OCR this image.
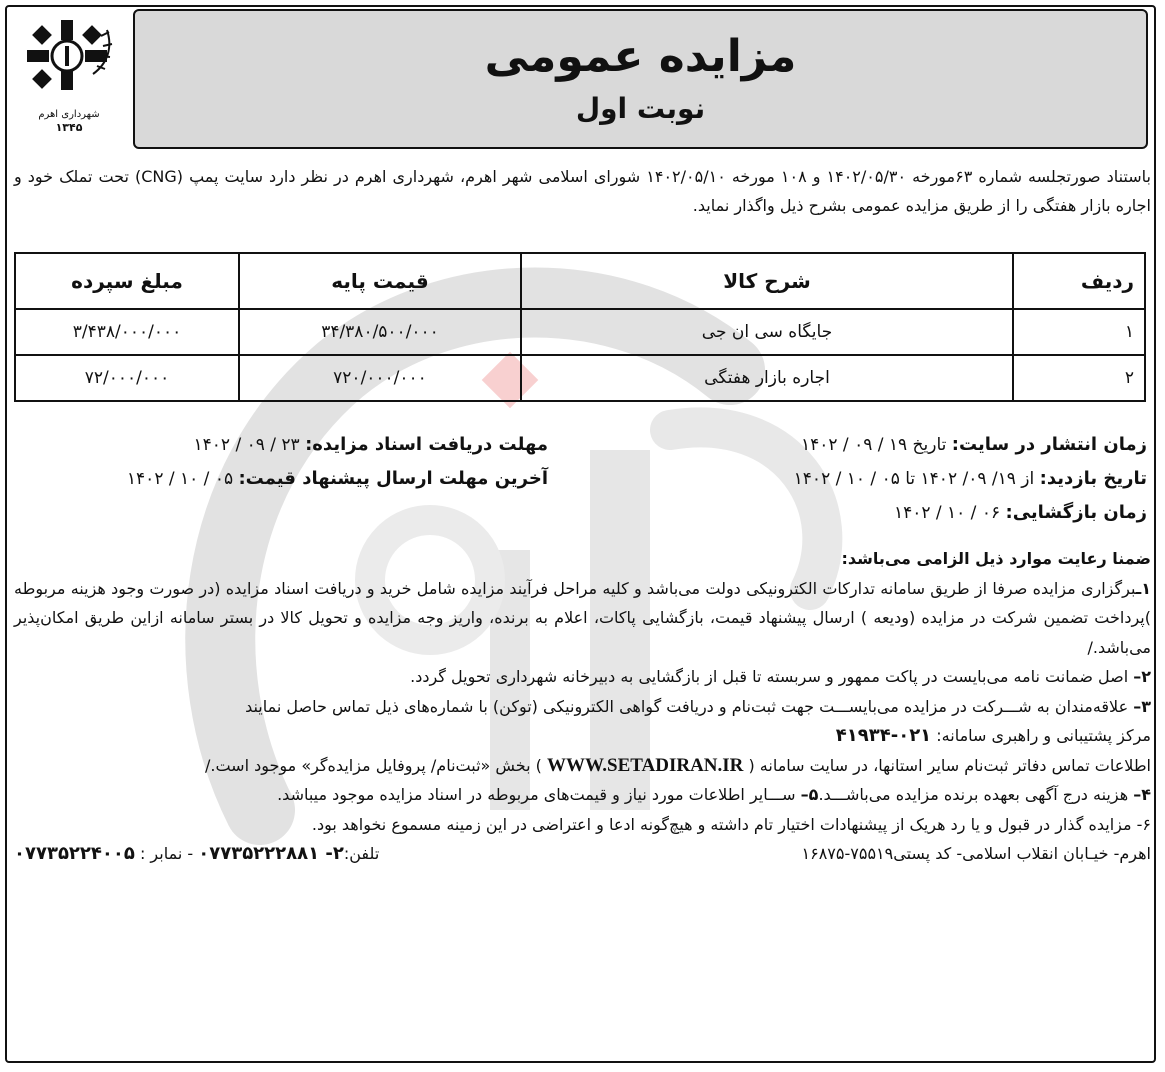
شهرداری اهرم
۱۳۴۵
مزایده عمومی
نوبت اول
باستناد صورتجلسه شماره ۶۳مورخه ۱۴۰۲/۰۵/۳۰ و ۱۰۸ مورخه ۱۴۰۲/۰۵/۱۰ شورای اسلامی شهر اهرم، شهرداری اهرم در نظر دارد سایت پمپ (CNG) تحت تملک خود و اجاره بازار هفتگی را از طریق مزایده عمومی بشرح ذیل واگذار نماید.
ردیف	شرح کالا	قیمت پایه	مبلغ سپرده
۱	جایگاه سی ان جی	۳۴/۳۸۰/۵۰۰/۰۰۰	۳/۴۳۸/۰۰۰/۰۰۰
۲	اجاره بازار هفتگی	۷۲۰/۰۰۰/۰۰۰	۷۲/۰۰۰/۰۰۰
زمان انتشار در سایت: تاریخ ۱۹ / ۰۹ / ۱۴۰۲
تاریخ بازدید: از ۱۹/ ۰۹/ ۱۴۰۲ تا ۰۵ / ۱۰ / ۱۴۰۲
زمان بازگشایی: ۰۶ / ۱۰ / ۱۴۰۲
مهلت دریافت اسناد مزایده: ۲۳ / ۰۹ / ۱۴۰۲
آخرین مهلت ارسال پیشنهاد قیمت: ۰۵ / ۱۰ / ۱۴۰۲

ضمنا رعایت موارد ذیل الزامی می‌باشد:

۱ـبرگزاری مزایده صرفا از طریق سامانه تدارکات الکترونیکی دولت می‌باشد و کلیه مراحل فرآیند مزایده شامل خرید و دریافت اسناد مزایده (در صورت وجود هزینه مربوطه )پرداخت تضمین شرکت در مزایده (ودیعه ) ارسال پیشنهاد قیمت، بازگشایی پاکات، اعلام به برنده، واریز وجه مزایده و تحویل کالا در بستر سامانه ازاین طریق امکان‌پذیر می‌باشد./

۲– اصل ضمانت نامه می‌بایست در پاکت ممهور و سربسته تا قبل از بازگشایی به دبیرخانه شهرداری تحویل گردد.

۳– علاقه‌مندان به شـــرکت در مزایده می‌بایســـت جهت ثبت‌نام و دریافت گواهی الکترونیکی (توکن) با شماره‌های ذیل تماس حاصل نمایند

مرکز پشتیبانی و راهبری سامانه: ۰۲۱-۴۱۹۳۴

اطلاعات تماس دفاتر ثبت‌نام سایر استانها، در سایت سامانه ( WWW.SETADIRAN.IR ) بخش «ثبت‌نام/ پروفایل مزایده‌گر» موجود است./

۴– هزینه درج آگهی بعهده برنده مزایده می‌باشـــد.۵– ســـایر اطلاعات مورد نیاز و قیمت‌های مربوطه در اسناد مزایده موجود میباشد.

۶- مزایده گذار در قبول و یا رد هریک از پیشنهادات اختیار تام داشته و هیچ‌گونه ادعا و اعتراضی در این زمینه مسموع نخواهد بود.

اهرم- خیـابان انقلاب اسلامی- کد پستی۷۵۵۱۹-۱۶۸۷۵
تلفن:۲- ۰۷۷۳۵۲۲۲۸۸۱ - نمابر : ۰۷۷۳۵۲۲۴۰۰۵
